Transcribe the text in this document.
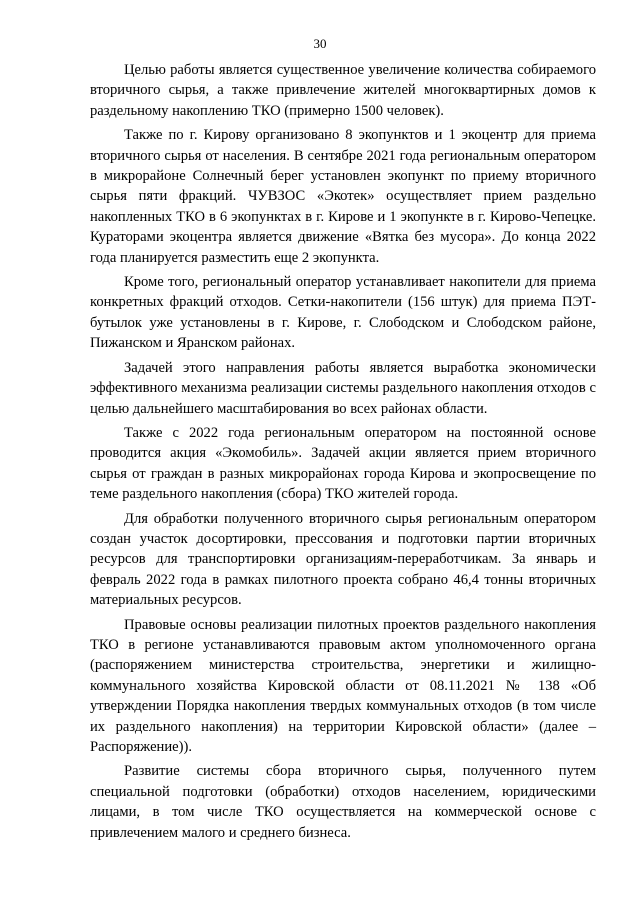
30

Целью работы является существенное увеличение количества собираемого вторичного сырья, а также привлечение жителей многоквартирных домов к раздельному накоплению ТКО (примерно 1500 человек).

Также по г. Кирову организовано 8 экопунктов и 1 экоцентр для приема вторичного сырья от населения. В сентябре 2021 года региональным оператором в микрорайоне Солнечный берег установлен экопункт по приему вторичного сырья пяти фракций. ЧУВЗОС «Экотек» осуществляет прием раздельно накопленных ТКО в 6 экопунктах в г. Кирове и 1 экопункте в г. Кирово-Чепецке. Кураторами экоцентра является движение «Вятка без мусора». До конца 2022 года планируется разместить еще 2 экопункта.

Кроме того, региональный оператор устанавливает накопители для приема конкретных фракций отходов. Сетки-накопители (156 штук) для приема ПЭТ-бутылок уже установлены в г. Кирове, г. Слободском и Слободском районе, Пижанском и Яранском районах.

Задачей этого направления работы является выработка экономически эффективного механизма реализации системы раздельного накопления отходов с целью дальнейшего масштабирования во всех районах области.

Также с 2022 года региональным оператором на постоянной основе проводится акция «Экомобиль». Задачей акции является прием вторичного сырья от граждан в разных микрорайонах города Кирова и экопросвещение по теме раздельного накопления (сбора) ТКО жителей города.

Для обработки полученного вторичного сырья региональным оператором создан участок досортировки, прессования и подготовки партии вторичных ресурсов для транспортировки организациям-переработчикам. За январь и февраль 2022 года в рамках пилотного проекта собрано 46,4 тонны вторичных материальных ресурсов.

Правовые основы реализации пилотных проектов раздельного накопления ТКО в регионе устанавливаются правовым актом уполномоченного органа (распоряжением министерства строительства, энергетики и жилищно-коммунального хозяйства Кировской области от 08.11.2021 № 138 «Об утверждении Порядка накопления твердых коммунальных отходов (в том числе их раздельного накопления) на территории Кировской области» (далее – Распоряжение)).

Развитие системы сбора вторичного сырья, полученного путем специальной подготовки (обработки) отходов населением, юридическими лицами, в том числе ТКО осуществляется на коммерческой основе с привлечением малого и среднего бизнеса.
